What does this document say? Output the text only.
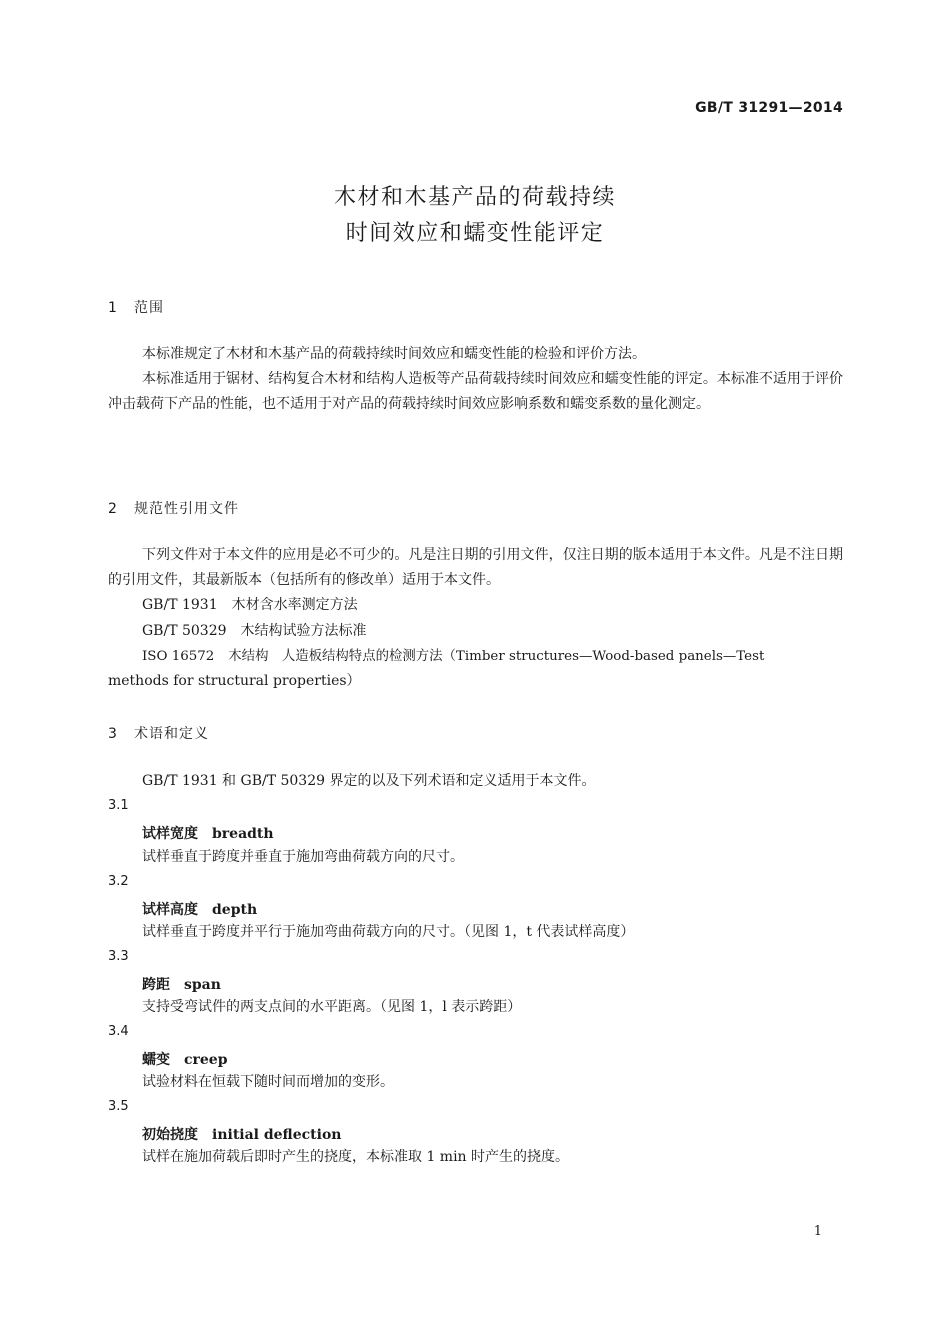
GB/T 31291—2014
木材和木基产品的荷载持续
时间效应和蠕变性能评定
1 范围
本标准规定了木材和木基产品的荷载持续时间效应和蠕变性能的检验和评价方法。
本标准适用于锯材、结构复合木材和结构人造板等产品荷载持续时间效应和蠕变性能的评定。本标准不适用于评价冲击载荷下产品的性能，也不适用于对产品的荷载持续时间效应影响系数和蠕变系数的量化测定。
2 规范性引用文件
下列文件对于本文件的应用是必不可少的。凡是注日期的引用文件，仅注日期的版本适用于本文件。凡是不注日期的引用文件，其最新版本（包括所有的修改单）适用于本文件。
GB/T 1931 木材含水率测定方法
GB/T 50329 木结构试验方法标准
ISO 16572 木结构　人造板结构特点的检测方法（Timber structures—Wood-based panels—Test
methods for structural properties）
3 术语和定义
GB/T 1931 和 GB/T 50329 界定的以及下列术语和定义适用于本文件。
3.1
试样宽度 breadth
试样垂直于跨度并垂直于施加弯曲荷载方向的尺寸。
3.2
试样高度 depth
试样垂直于跨度并平行于施加弯曲荷载方向的尺寸。（见图 1，t 代表试样高度）
3.3
跨距 span
支持受弯试件的两支点间的水平距离。（见图 1，l 表示跨距）
3.4
蠕变 creep
试验材料在恒载下随时间而增加的变形。
3.5
初始挠度 initial deflection
试样在施加荷载后即时产生的挠度，本标准取 1 min 时产生的挠度。
1
